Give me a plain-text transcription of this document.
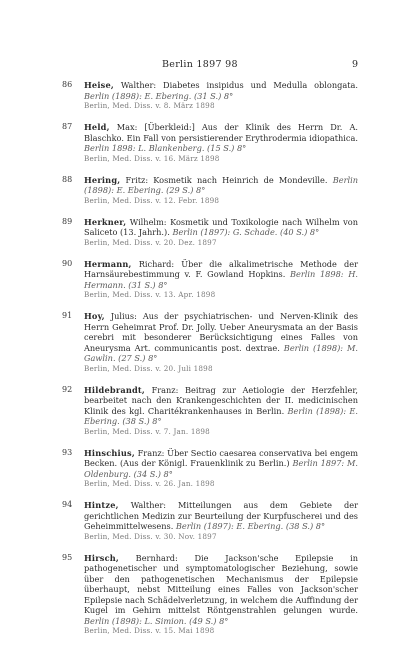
Berlin 1897 98	9
86 Heise, Walther: Diabetes insipidus und Medulla oblongata. Berlin (1898): E. Ebering. (31 S.) 8°
Berlin, Med. Diss. v. 8. März 1898
87 Held, Max: [Überkleid:] Aus der Klinik des Herrn Dr. A. Blaschko. Ein Fall von persistierender Erythrodermia idiopathica. Berlin 1898: L. Blankenberg. (15 S.) 8°
Berlin, Med. Diss. v. 16. März 1898
88 Hering, Fritz: Kosmetik nach Heinrich de Mondeville. Berlin (1898): E. Ebering. (29 S.) 8°
Berlin, Med. Diss. v. 12. Febr. 1898
89 Herkner, Wilhelm: Kosmetik und Toxikologie nach Wilhelm von Saliceto (13. Jahrh.). Berlin (1897): G. Schade. (40 S.) 8°
Berlin, Med. Diss. v. 20. Dez. 1897
90 Hermann, Richard: Über die alkalimetrische Methode der Harnsäurebestimmung v. F. Gowland Hopkins. Berlin 1898: H. Hermann. (31 S.) 8°
Berlin, Med. Diss. v. 13. Apr. 1898
91 Hoy, Julius: Aus der psychiatrischen- und Nerven-Klinik des Herrn Geheimrat Prof. Dr. Jolly. Ueber Aneurysmata an der Basis cerebri mit besonderer Berücksichtigung eines Falles von Aneurysma Art. communicantis post. dextrae. Berlin (1898): M. Gawlin. (27 S.) 8°
Berlin, Med. Diss. v. 20. Juli 1898
92 Hildebrandt, Franz: Beitrag zur Aetiologie der Herzfehler, bearbeitet nach den Krankengeschichten der II. medicinischen Klinik des kgl. Charitékrankenhauses in Berlin. Berlin (1898): E. Ebering. (38 S.) 8°
Berlin, Med. Diss. v. 7. Jan. 1898
93 Hinschius, Franz: Über Sectio caesarea conservativa bei engem Becken. (Aus der Königl. Frauenklinik zu Berlin.) Berlin 1897: M. Oldenburg. (34 S.) 8°
Berlin, Med. Diss. v. 26. Jan. 1898
94 Hintze, Walther: Mitteilungen aus dem Gebiete der gerichtlichen Medizin zur Beurteilung der Kurpfuscherei und des Geheimmittelwesens. Berlin (1897): E. Ebering. (38 S.) 8°
Berlin, Med. Diss. v. 30. Nov. 1897
95 Hirsch, Bernhard: Die Jackson'sche Epilepsie in pathogenetischer und symptomatologischer Beziehung, sowie über den pathogenetischen Mechanismus der Epilepsie überhaupt, nebst Mitteilung eines Falles von Jackson'scher Epilepsie nach Schädelverletzung, in welchem die Auffindung der Kugel im Gehirn mittelst Röntgenstrahlen gelungen wurde. Berlin (1898): L. Simion. (49 S.) 8°
Berlin, Med. Diss. v. 15. Mai 1898
